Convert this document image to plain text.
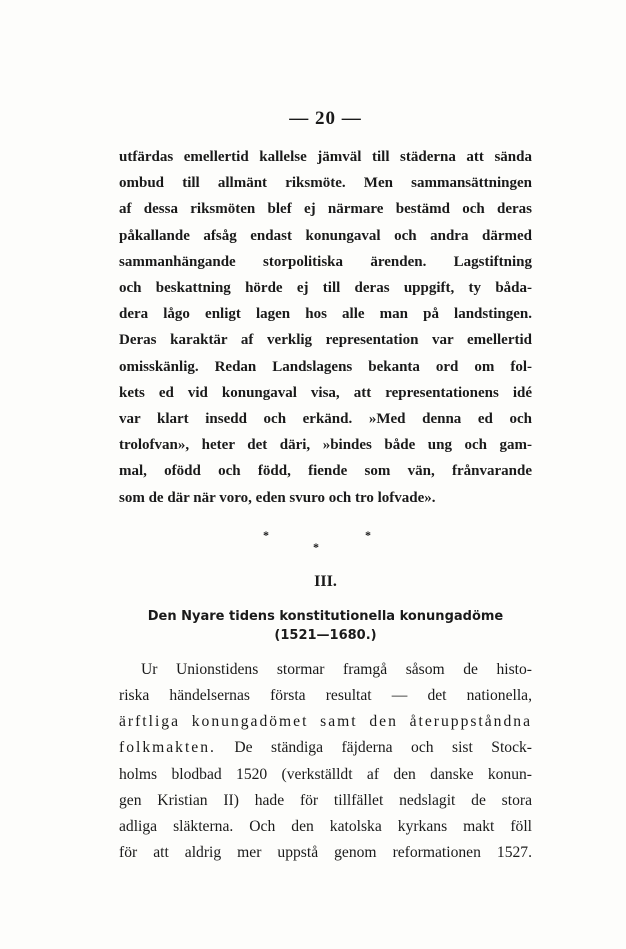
— 20 —
utfärdas emellertid kallelse jämväl till städerna att sända
ombud till allmänt riksmöte. Men sammansättningen
af dessa riksmöten blef ej närmare bestämd och deras
påkallande afsåg endast konungaval och andra därmed
sammanhängande storpolitiska ärenden. Lagstiftning
och beskattning hörde ej till deras uppgift, ty båda-
dera lågo enligt lagen hos alle man på landstingen.
Deras karaktär af verklig representation var emellertid
omisskänlig. Redan Landslagens bekanta ord om fol-
kets ed vid konungaval visa, att representationens idé
var klart insedd och erkänd. »Med denna ed och
trolofvan», heter det däri, »bindes både ung och gam-
mal, ofödd och född, fiende som vän, frånvarande
som de där när voro, eden svuro och tro lofvade».
*
*
*
III.
Den Nyare tidens konstitutionella konungadöme
(1521—1680.)
Ur Unionstidens stormar framgå såsom de histo-
riska händelsernas första resultat — det nationella,
ärftliga konungadömet samt den återuppståndna
folkmakten. De ständiga fäjderna och sist Stock-
holms blodbad 1520 (verkställdt af den danske konun-
gen Kristian II) hade för tillfället nedslagit de stora
adliga släkterna. Och den katolska kyrkans makt föll
för att aldrig mer uppstå genom reformationen 1527.
